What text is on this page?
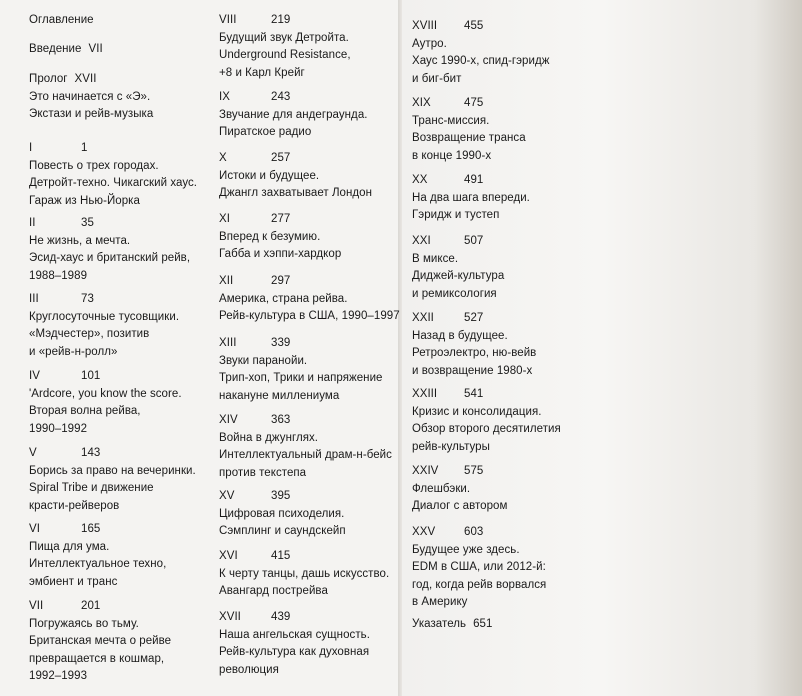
Оглавление
Введение VII
Пролог XVII
Это начинается с «Э».
Экстази и рейв-музыка
I	1
Повесть о трех городах.
Детройт-техно. Чикагский хаус.
Гараж из Нью-Йорка
II	35
Не жизнь, а мечта.
Эсид-хаус и британский рейв,
1988–1989
III	73
Круглосуточные тусовщики.
«Мэдчестер», позитив
и «рейв-н-ролл»
IV	101
'Ardcore, you know the score.
Вторая волна рейва,
1990–1992
V	143
Борись за право на вечеринки.
Spiral Tribe и движение
красти-рейверов
VI	165
Пища для ума.
Интеллектуальное техно,
эмбиент и транс
VII	201
Погружаясь во тьму.
Британская мечта о рейве
превращается в кошмар,
1992–1993
VIII	219
Будущий звук Детройта.
Underground Resistance,
+8 и Карл Крейг
IX	243
Звучание для андеграунда.
Пиратское радио
X	257
Истоки и будущее.
Джангл захватывает Лондон
XI	277
Вперед к безумию.
Габба и хэппи-хардкор
XII	297
Америка, страна рейва.
Рейв-культура в США, 1990–1997
XIII	339
Звуки паранойи.
Трип-хоп, Трики и напряжение
накануне миллениума
XIV	363
Война в джунглях.
Интеллектуальный драм-н-бейс
против текстепа
XV	395
Цифровая психоделия.
Сэмплинг и саундскейп
XVI	415
К черту танцы, дашь искусство.
Авангард пострейва
XVII	439
Наша ангельская сущность.
Рейв-культура как духовная
революция
XVIII	455
Аутро.
Хаус 1990-х, спид-гэридж
и биг-бит
XIX	475
Транс-миссия.
Возвращение транса
в конце 1990-х
XX	491
На два шага впереди.
Гэридж и тустеп
XXI	507
В миксе.
Диджей-культура
и ремиксология
XXII	527
Назад в будущее.
Ретроэлектро, ню-вейв
и возвращение 1980-х
XXIII	541
Кризис и консолидация.
Обзор второго десятилетия
рейв-культуры
XXIV	575
Флешбэки.
Диалог с автором
XXV	603
Будущее уже здесь.
EDM в США, или 2012-й:
год, когда рейв ворвался
в Америку
Указатель 651
